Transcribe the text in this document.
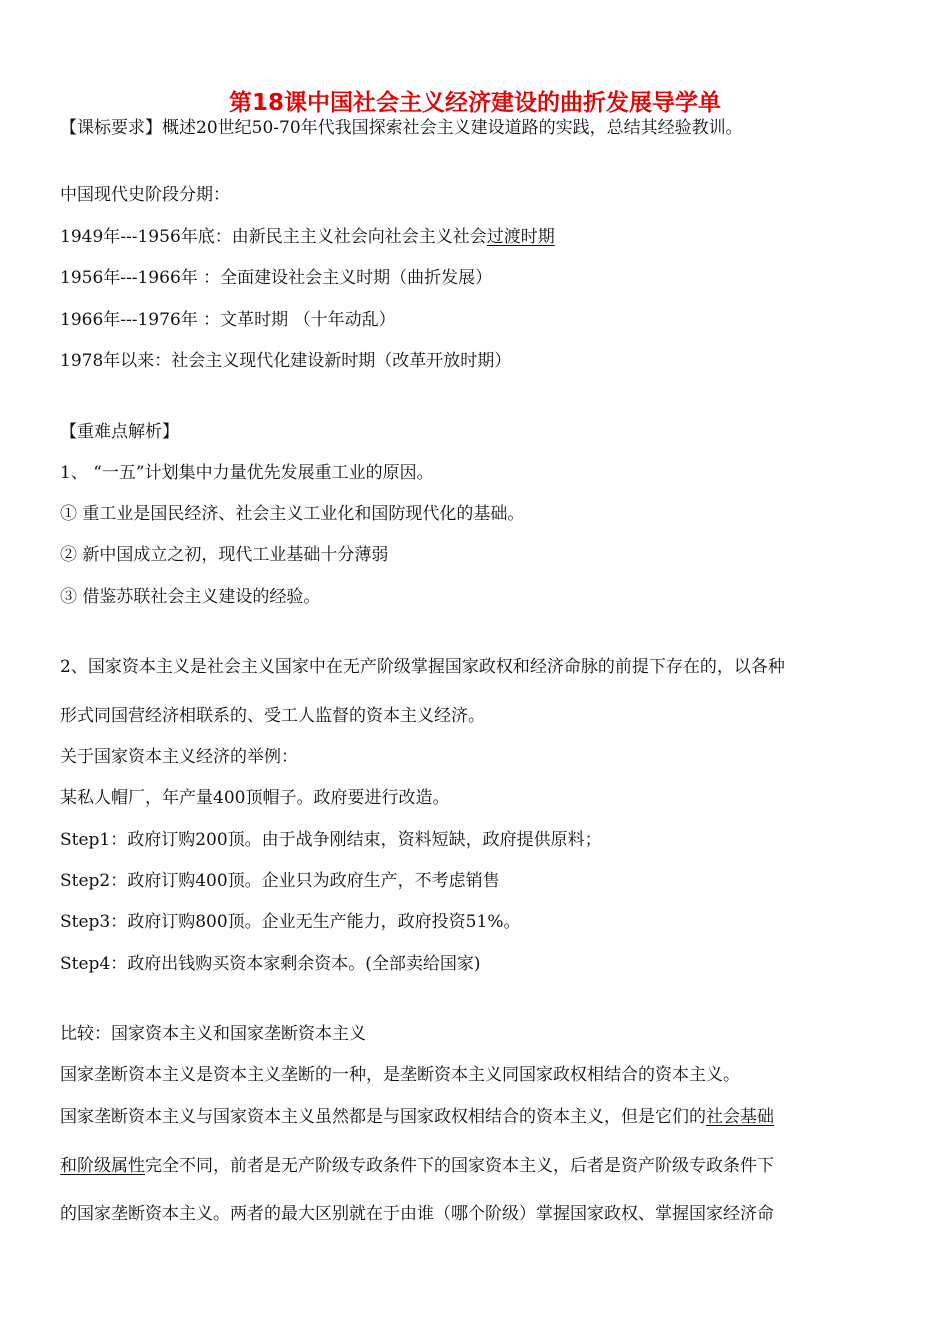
第18课中国社会主义经济建设的曲折发展导学单
【课标要求】概述20世纪50-70年代我国探索社会主义建设道路的实践，总结其经验教训。
中国现代史阶段分期：
1949年---1956年底：由新民主主义社会向社会主义社会过渡时期
1956年---1966年 ：全面建设社会主义时期（曲折发展）
1966年---1976年 ：文革时期 （十年动乱）
1978年以来：社会主义现代化建设新时期（改革开放时期）
【重难点解析】
1、 “一五”计划集中力量优先发展重工业的原因。
① 重工业是国民经济、社会主义工业化和国防现代化的基础。
② 新中国成立之初，现代工业基础十分薄弱
③ 借鉴苏联社会主义建设的经验。
2、国家资本主义是社会主义国家中在无产阶级掌握国家政权和经济命脉的前提下存在的，以各种
形式同国营经济相联系的、受工人监督的资本主义经济。
关于国家资本主义经济的举例：
某私人帽厂，年产量400顶帽子。政府要进行改造。
Step1：政府订购200顶。由于战争刚结束，资料短缺，政府提供原料；
Step2：政府订购400顶。企业只为政府生产，不考虑销售
Step3：政府订购800顶。企业无生产能力，政府投资51%。
Step4：政府出钱购买资本家剩余资本。(全部卖给国家)
比较：国家资本主义和国家垄断资本主义
国家垄断资本主义是资本主义垄断的一种，是垄断资本主义同国家政权相结合的资本主义。
国家垄断资本主义与国家资本主义虽然都是与国家政权相结合的资本主义，但是它们的社会基础
和阶级属性完全不同，前者是无产阶级专政条件下的国家资本主义，后者是资产阶级专政条件下
的国家垄断资本主义。两者的最大区别就在于由谁（哪个阶级）掌握国家政权、掌握国家经济命
